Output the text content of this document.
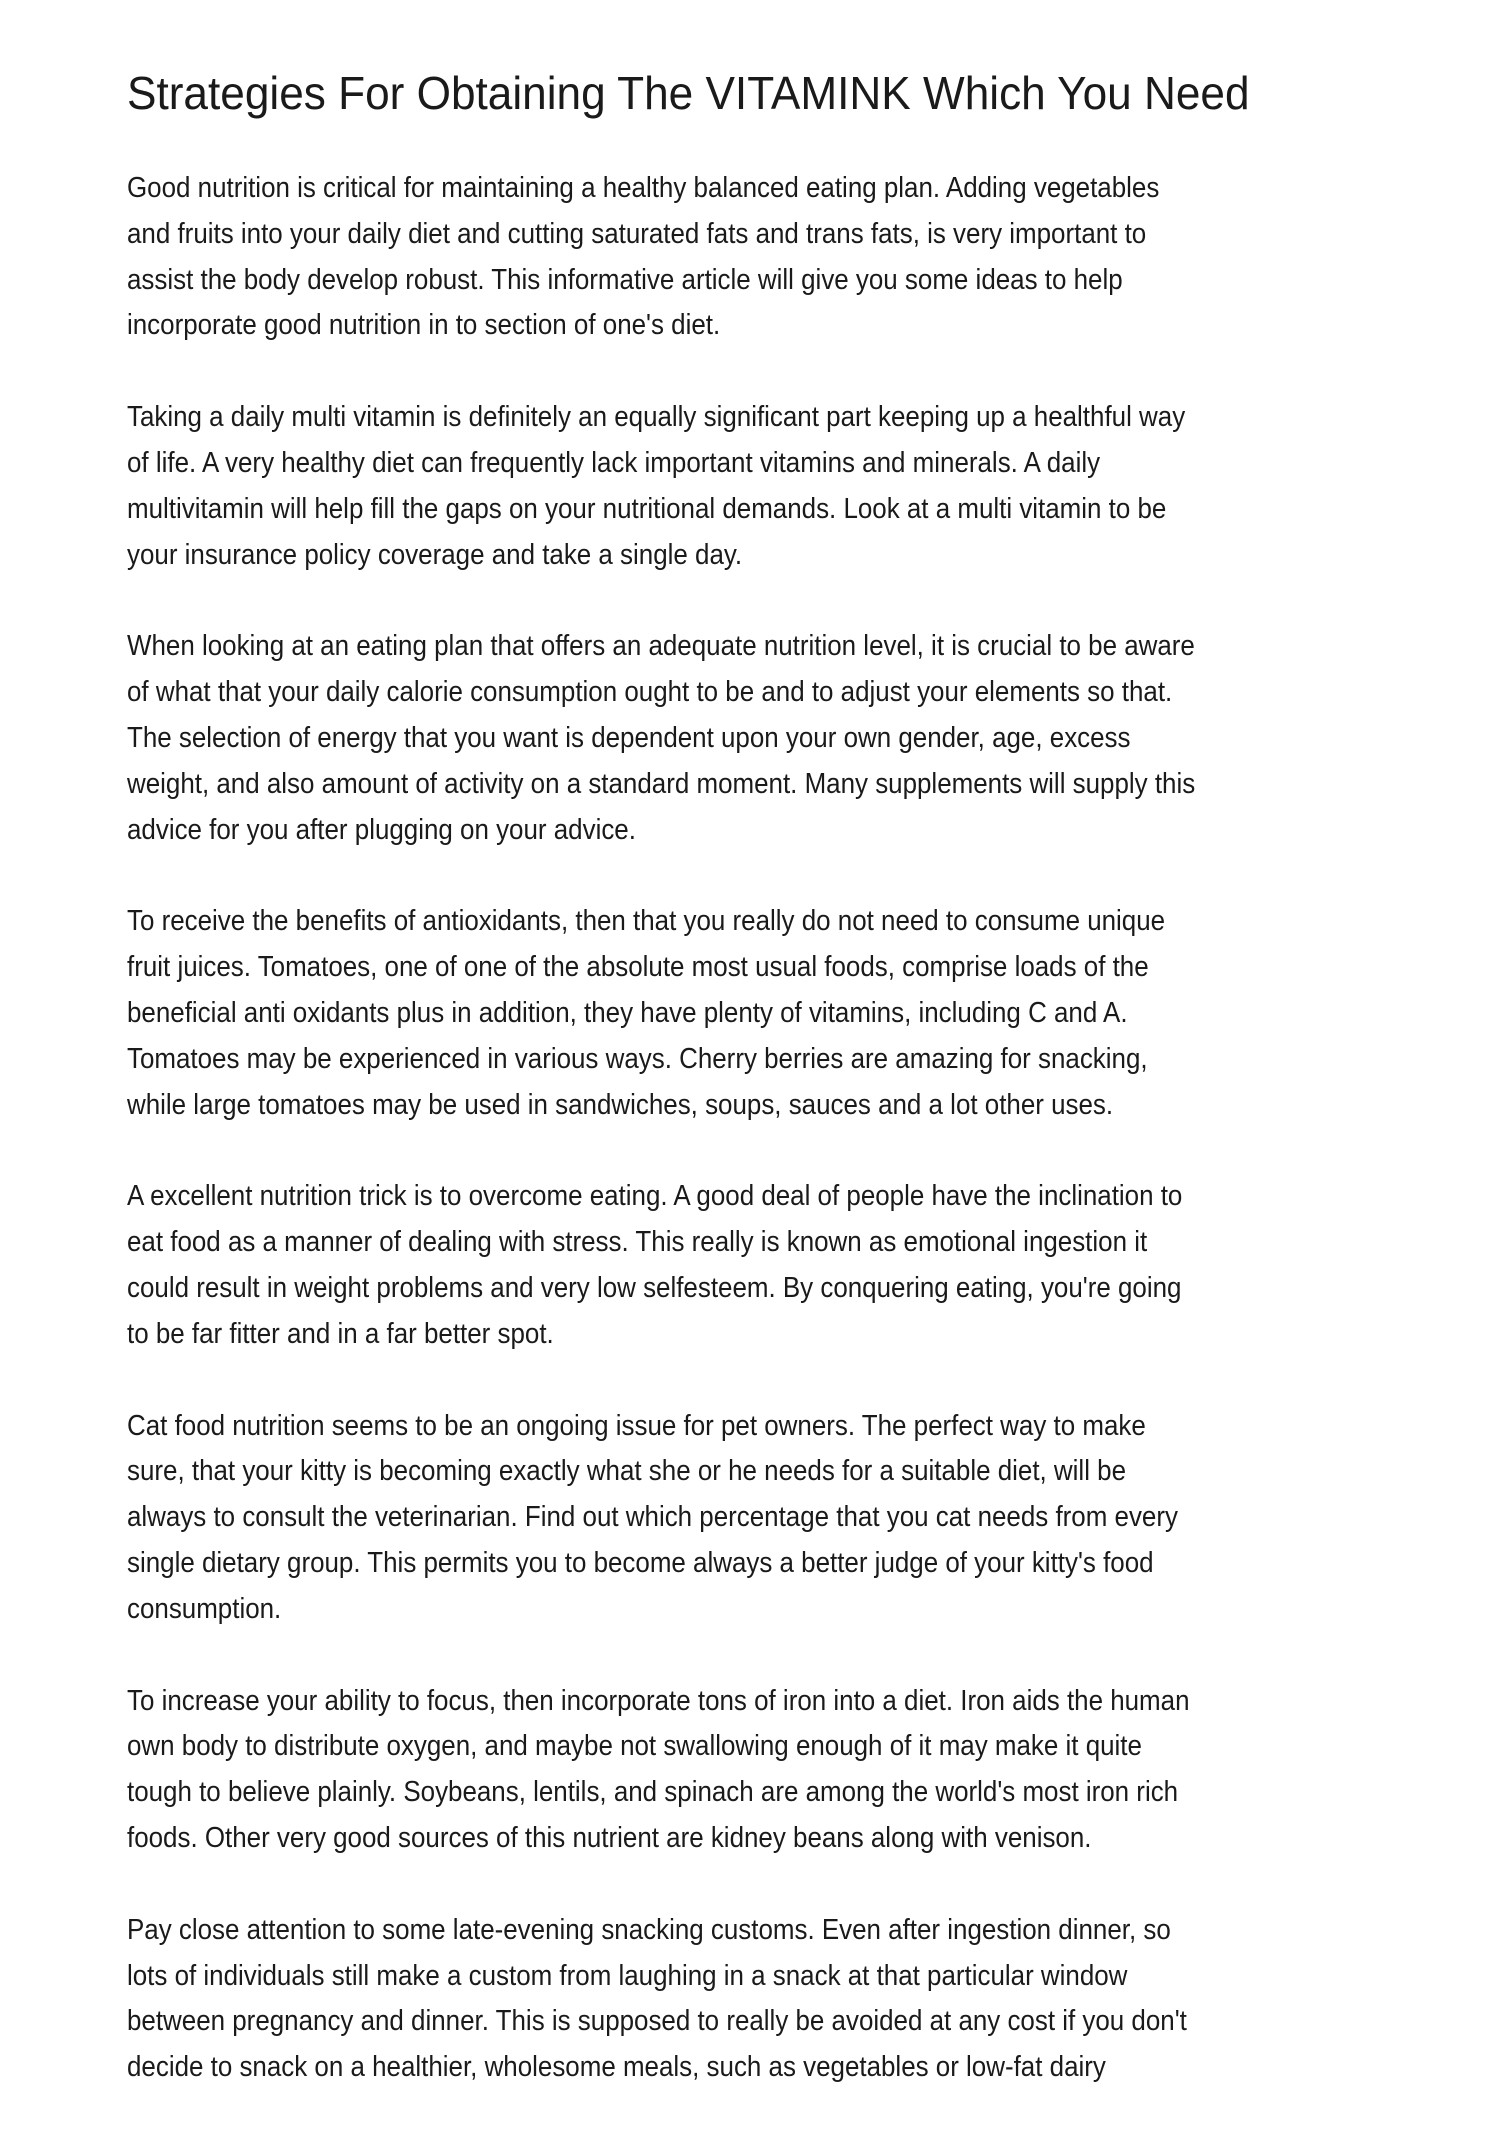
Strategies For Obtaining The VITAMINK Which You Need

Good nutrition is critical for maintaining a healthy balanced eating plan. Adding vegetables
and fruits into your daily diet and cutting saturated fats and trans fats, is very important to
assist the body develop robust. This informative article will give you some ideas to help
incorporate good nutrition in to section of one's diet.

Taking a daily multi vitamin is definitely an equally significant part keeping up a healthful way
of life. A very healthy diet can frequently lack important vitamins and minerals. A daily
multivitamin will help fill the gaps on your nutritional demands. Look at a multi vitamin to be
your insurance policy coverage and take a single day.

When looking at an eating plan that offers an adequate nutrition level, it is crucial to be aware
of what that your daily calorie consumption ought to be and to adjust your elements so that.
The selection of energy that you want is dependent upon your own gender, age, excess
weight, and also amount of activity on a standard moment. Many supplements will supply this
advice for you after plugging on your advice.

To receive the benefits of antioxidants, then that you really do not need to consume unique
fruit juices. Tomatoes, one of one of the absolute most usual foods, comprise loads of the
beneficial anti oxidants plus in addition, they have plenty of vitamins, including C and A.
Tomatoes may be experienced in various ways. Cherry berries are amazing for snacking,
while large tomatoes may be used in sandwiches, soups, sauces and a lot other uses.

A excellent nutrition trick is to overcome eating. A good deal of people have the inclination to
eat food as a manner of dealing with stress. This really is known as emotional ingestion it
could result in weight problems and very low selfesteem. By conquering eating, you're going
to be far fitter and in a far better spot.

Cat food nutrition seems to be an ongoing issue for pet owners. The perfect way to make
sure, that your kitty is becoming exactly what she or he needs for a suitable diet, will be
always to consult the veterinarian. Find out which percentage that you cat needs from every
single dietary group. This permits you to become always a better judge of your kitty's food
consumption.

To increase your ability to focus, then incorporate tons of iron into a diet. Iron aids the human
own body to distribute oxygen, and maybe not swallowing enough of it may make it quite
tough to believe plainly. Soybeans, lentils, and spinach are among the world's most iron rich
foods. Other very good sources of this nutrient are kidney beans along with venison.

Pay close attention to some late-evening snacking customs. Even after ingestion dinner, so
lots of individuals still make a custom from laughing in a snack at that particular window
between pregnancy and dinner. This is supposed to really be avoided at any cost if you don't
decide to snack on a healthier, wholesome meals, such as vegetables or low-fat dairy
